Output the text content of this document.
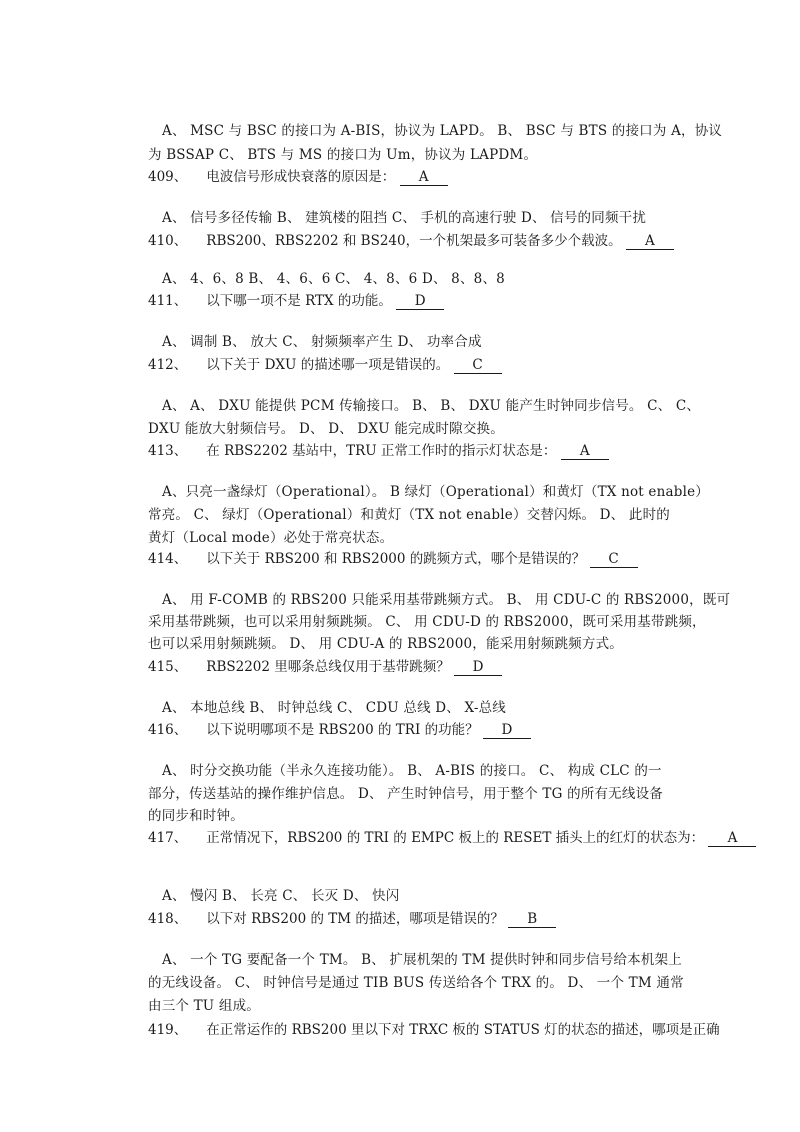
A、 MSC 与 BSC 的接口为 A-BIS，协议为 LAPD。 B、 BSC 与 BTS 的接口为 A，协议
为 BSSAP C、 BTS 与 MS 的接口为 Um，协议为 LAPDM。
409、 电波信号形成快衰落的原因是： A
A、 信号多径传输 B、 建筑楼的阻挡 C、 手机的高速行驶 D、 信号的同频干扰
410、 RBS200、RBS2202 和 BS240，一个机架最多可装备多少个载波。 A
A、 4、6、8 B、 4、6、6 C、 4、8、6 D、 8、8、8
411、 以下哪一项不是 RTX 的功能。 D
A、 调制 B、 放大 C、 射频频率产生 D、 功率合成
412、 以下关于 DXU 的描述哪一项是错误的。 C
A、 A、 DXU 能提供 PCM 传输接口。 B、 B、 DXU 能产生时钟同步信号。 C、 C、
DXU 能放大射频信号。 D、 D、 DXU 能完成时隙交换。
413、 在 RBS2202 基站中，TRU 正常工作时的指示灯状态是： A
A、只亮一盏绿灯（Operational）。 B 绿灯（Operational）和黄灯（TX not enable）
常亮。 C、 绿灯（Operational）和黄灯（TX not enable）交替闪烁。 D、 此时的
黄灯（Local mode）必处于常亮状态。
414、 以下关于 RBS200 和 RBS2000 的跳频方式，哪个是错误的？ C
A、 用 F-COMB 的 RBS200 只能采用基带跳频方式。 B、 用 CDU-C 的 RBS2000，既可
采用基带跳频，也可以采用射频跳频。 C、 用 CDU-D 的 RBS2000，既可采用基带跳频，
也可以采用射频跳频。 D、 用 CDU-A 的 RBS2000，能采用射频跳频方式。
415、 RBS2202 里哪条总线仅用于基带跳频？ D
A、 本地总线 B、 时钟总线 C、 CDU 总线 D、 X-总线
416、 以下说明哪项不是 RBS200 的 TRI 的功能？ D
A、 时分交换功能（半永久连接功能）。 B、 A-BIS 的接口。 C、 构成 CLC 的一
部分，传送基站的操作维护信息。 D、 产生时钟信号，用于整个 TG 的所有无线设备
的同步和时钟。
417、 正常情况下，RBS200 的 TRI 的 EMPC 板上的 RESET 插头上的红灯的状态为： A
A、 慢闪 B、 长亮 C、 长灭 D、 快闪
418、 以下对 RBS200 的 TM 的描述，哪项是错误的？ B
A、 一个 TG 要配备一个 TM。 B、 扩展机架的 TM 提供时钟和同步信号给本机架上
的无线设备。 C、 时钟信号是通过 TIB BUS 传送给各个 TRX 的。 D、 一个 TM 通常
由三个 TU 组成。
419、 在正常运作的 RBS200 里以下对 TRXC 板的 STATUS 灯的状态的描述，哪项是正确
